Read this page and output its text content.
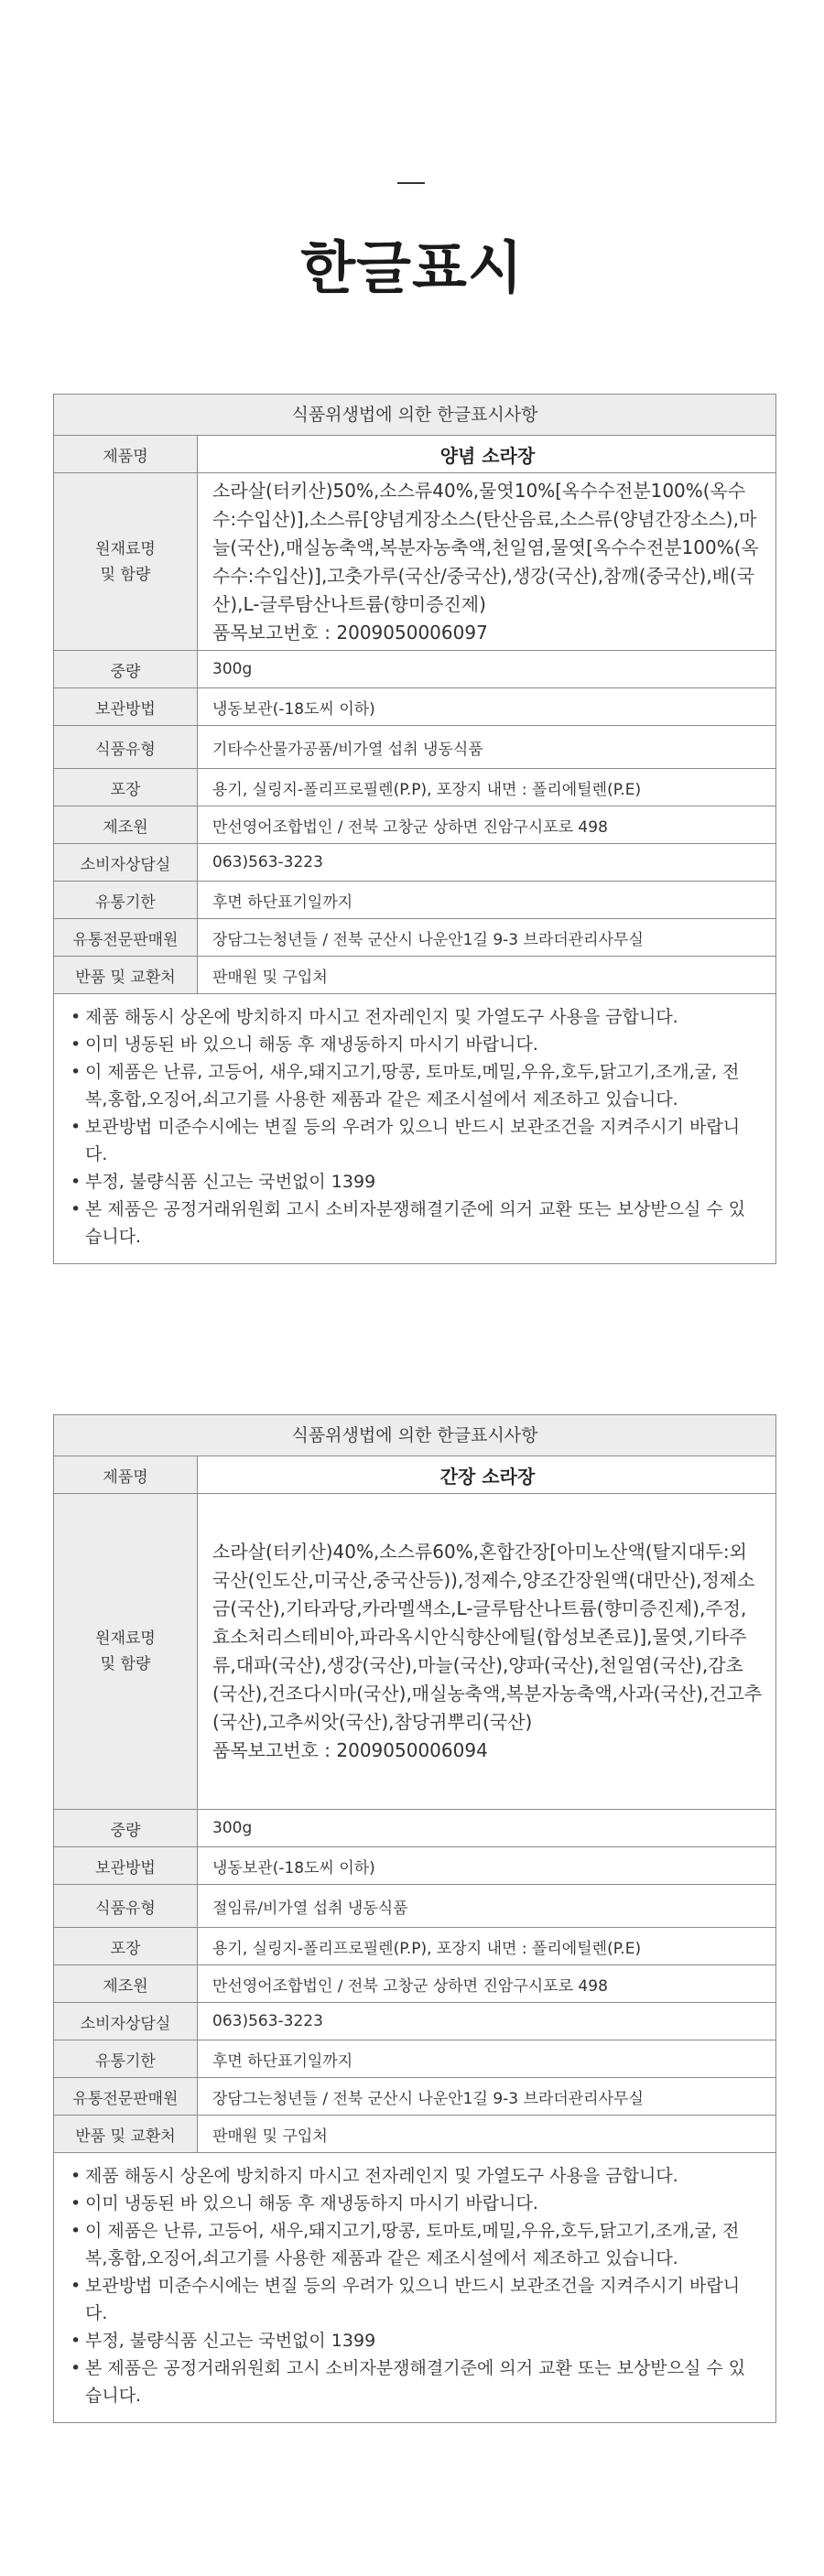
한글표시
식품위생법에 의한 한글표시사항
제품명	양념 소라장
원재료명
및 함량	소라살(터키산)50%,소스류40%,물엿10%[옥수수전분100%(옥수수:수입산)],소스류[양념게장소스(탄산음료,소스류(양념간장소스),마늘(국산),매실농축액,복분자농축액,천일염,물엿[옥수수전분100%(옥수수:수입산)],고춧가루(국산/중국산),생강(국산),참깨(중국산),배(국산),L-글루탐산나트륨(향미증진제)
품목보고번호 : 2009050006097
중량	300g
보관방법	냉동보관(-18도씨 이하)
식품유형	기타수산물가공품/비가열 섭취 냉동식품
포장	용기, 실링지-폴리프로필렌(P.P), 포장지 내면 : 폴리에틸렌(P.E)
제조원	만선영어조합법인 / 전북 고창군 상하면 진암구시포로 498
소비자상담실	063)563-3223
유통기한	후면 하단표기일까지
유통전문판매원	장담그는청년들 / 전북 군산시 나운안1길 9-3 브라더관리사무실
반품 및 교환처	판매원 및 구입처
• 제품 해동시 상온에 방치하지 마시고 전자레인지 및 가열도구 사용을 금합니다.
• 이미 냉동된 바 있으니 해동 후 재냉동하지 마시기 바랍니다.
• 이 제품은 난류, 고등어, 새우,돼지고기,땅콩, 토마토,메밀,우유,호두,닭고기,조개,굴, 전복,홍합,오징어,쇠고기를 사용한 제품과 같은 제조시설에서 제조하고 있습니다.
• 보관방법 미준수시에는 변질 등의 우려가 있으니 반드시 보관조건을 지켜주시기 바랍니다.
• 부정, 불량식품 신고는 국번없이 1399
• 본 제품은 공정거래위원회 고시 소비자분쟁해결기준에 의거 교환 또는 보상받으실 수 있습니다.
식품위생법에 의한 한글표시사항
제품명	간장 소라장
원재료명
및 함량	소라살(터키산)40%,소스류60%,혼합간장[아미노산액(탈지대두:외국산(인도산,미국산,중국산등)),정제수,양조간장원액(대만산),정제소금(국산),기타과당,카라멜색소,L-글루탐산나트륨(향미증진제),주정,효소처리스테비아,파라옥시안식향산에틸(합성보존료)],물엿,기타주류,대파(국산),생강(국산),마늘(국산),양파(국산),천일염(국산),감초(국산),건조다시마(국산),매실농축액,복분자농축액,사과(국산),건고추(국산),고추씨앗(국산),참당귀뿌리(국산)
품목보고번호 : 2009050006094
중량	300g
보관방법	냉동보관(-18도씨 이하)
식품유형	절임류/비가열 섭취 냉동식품
포장	용기, 실링지-폴리프로필렌(P.P), 포장지 내면 : 폴리에틸렌(P.E)
제조원	만선영어조합법인 / 전북 고창군 상하면 진암구시포로 498
소비자상담실	063)563-3223
유통기한	후면 하단표기일까지
유통전문판매원	장담그는청년들 / 전북 군산시 나운안1길 9-3 브라더관리사무실
반품 및 교환처	판매원 및 구입처
• 제품 해동시 상온에 방치하지 마시고 전자레인지 및 가열도구 사용을 금합니다.
• 이미 냉동된 바 있으니 해동 후 재냉동하지 마시기 바랍니다.
• 이 제품은 난류, 고등어, 새우,돼지고기,땅콩, 토마토,메밀,우유,호두,닭고기,조개,굴, 전복,홍합,오징어,쇠고기를 사용한 제품과 같은 제조시설에서 제조하고 있습니다.
• 보관방법 미준수시에는 변질 등의 우려가 있으니 반드시 보관조건을 지켜주시기 바랍니다.
• 부정, 불량식품 신고는 국번없이 1399
• 본 제품은 공정거래위원회 고시 소비자분쟁해결기준에 의거 교환 또는 보상받으실 수 있습니다.
